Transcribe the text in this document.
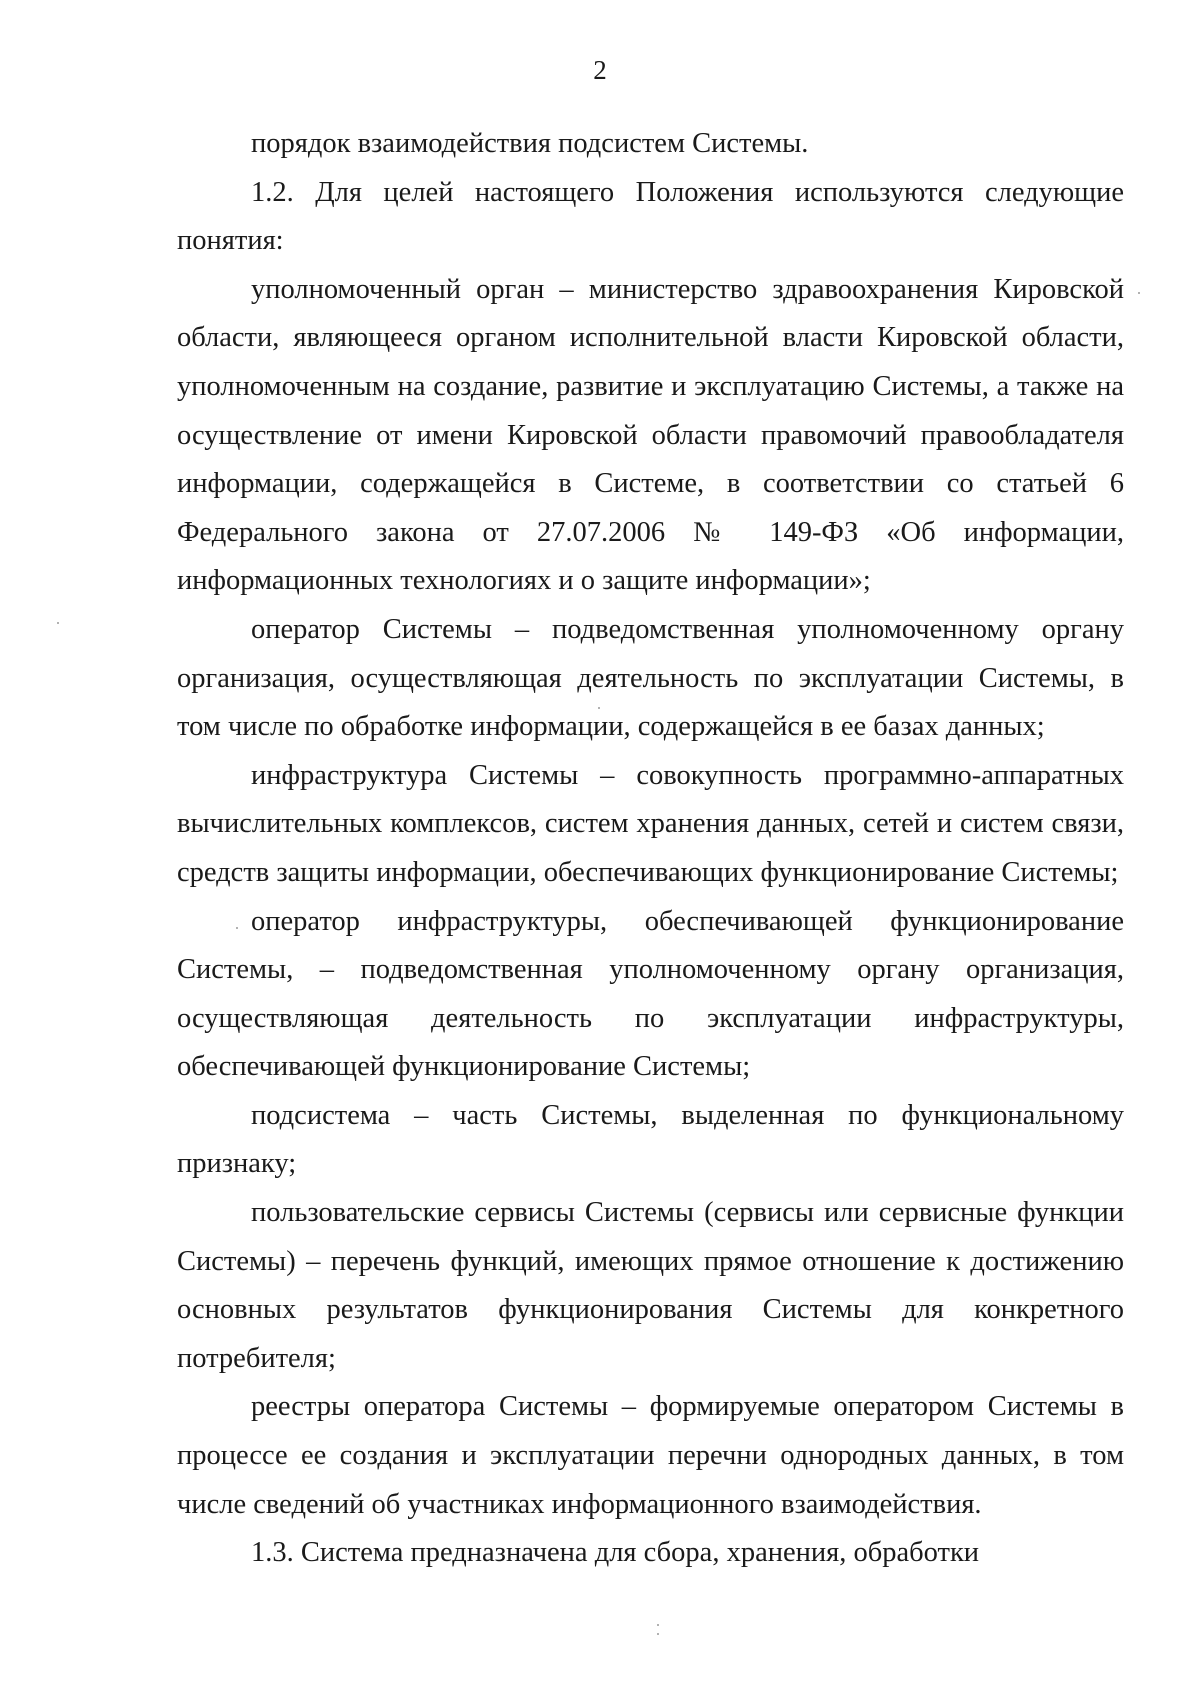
2

порядок взаимодействия подсистем Системы.

1.2. Для целей настоящего Положения используются следующие понятия:

уполномоченный орган – министерство здравоохранения Кировской области, являющееся органом исполнительной власти Кировской области, уполномоченным на создание, развитие и эксплуатацию Системы, а также на осуществление от имени Кировской области правомочий правообладателя информации, содержащейся в Системе, в соответствии со статьей 6 Федерального закона от 27.07.2006 № 149-ФЗ «Об информации, информационных технологиях и о защите информации»;

оператор Системы – подведомственная уполномоченному органу организация, осуществляющая деятельность по эксплуатации Системы, в том числе по обработке информации, содержащейся в ее базах данных;

инфраструктура Системы – совокупность программно-аппаратных вычислительных комплексов, систем хранения данных, сетей и систем связи, средств защиты информации, обеспечивающих функционирование Системы;

оператор инфраструктуры, обеспечивающей функционирование Системы, – подведомственная уполномоченному органу организация, осуществляющая деятельность по эксплуатации инфраструктуры, обеспечивающей функционирование Системы;

подсистема – часть Системы, выделенная по функциональному признаку;

пользовательские сервисы Системы (сервисы или сервисные функции Системы) – перечень функций, имеющих прямое отношение к достижению основных результатов функционирования Системы для конкретного потребителя;

реестры оператора Системы – формируемые оператором Системы в процессе ее создания и эксплуатации перечни однородных данных, в том числе сведений об участниках информационного взаимодействия.

1.3. Система предназначена для сбора, хранения, обработки
